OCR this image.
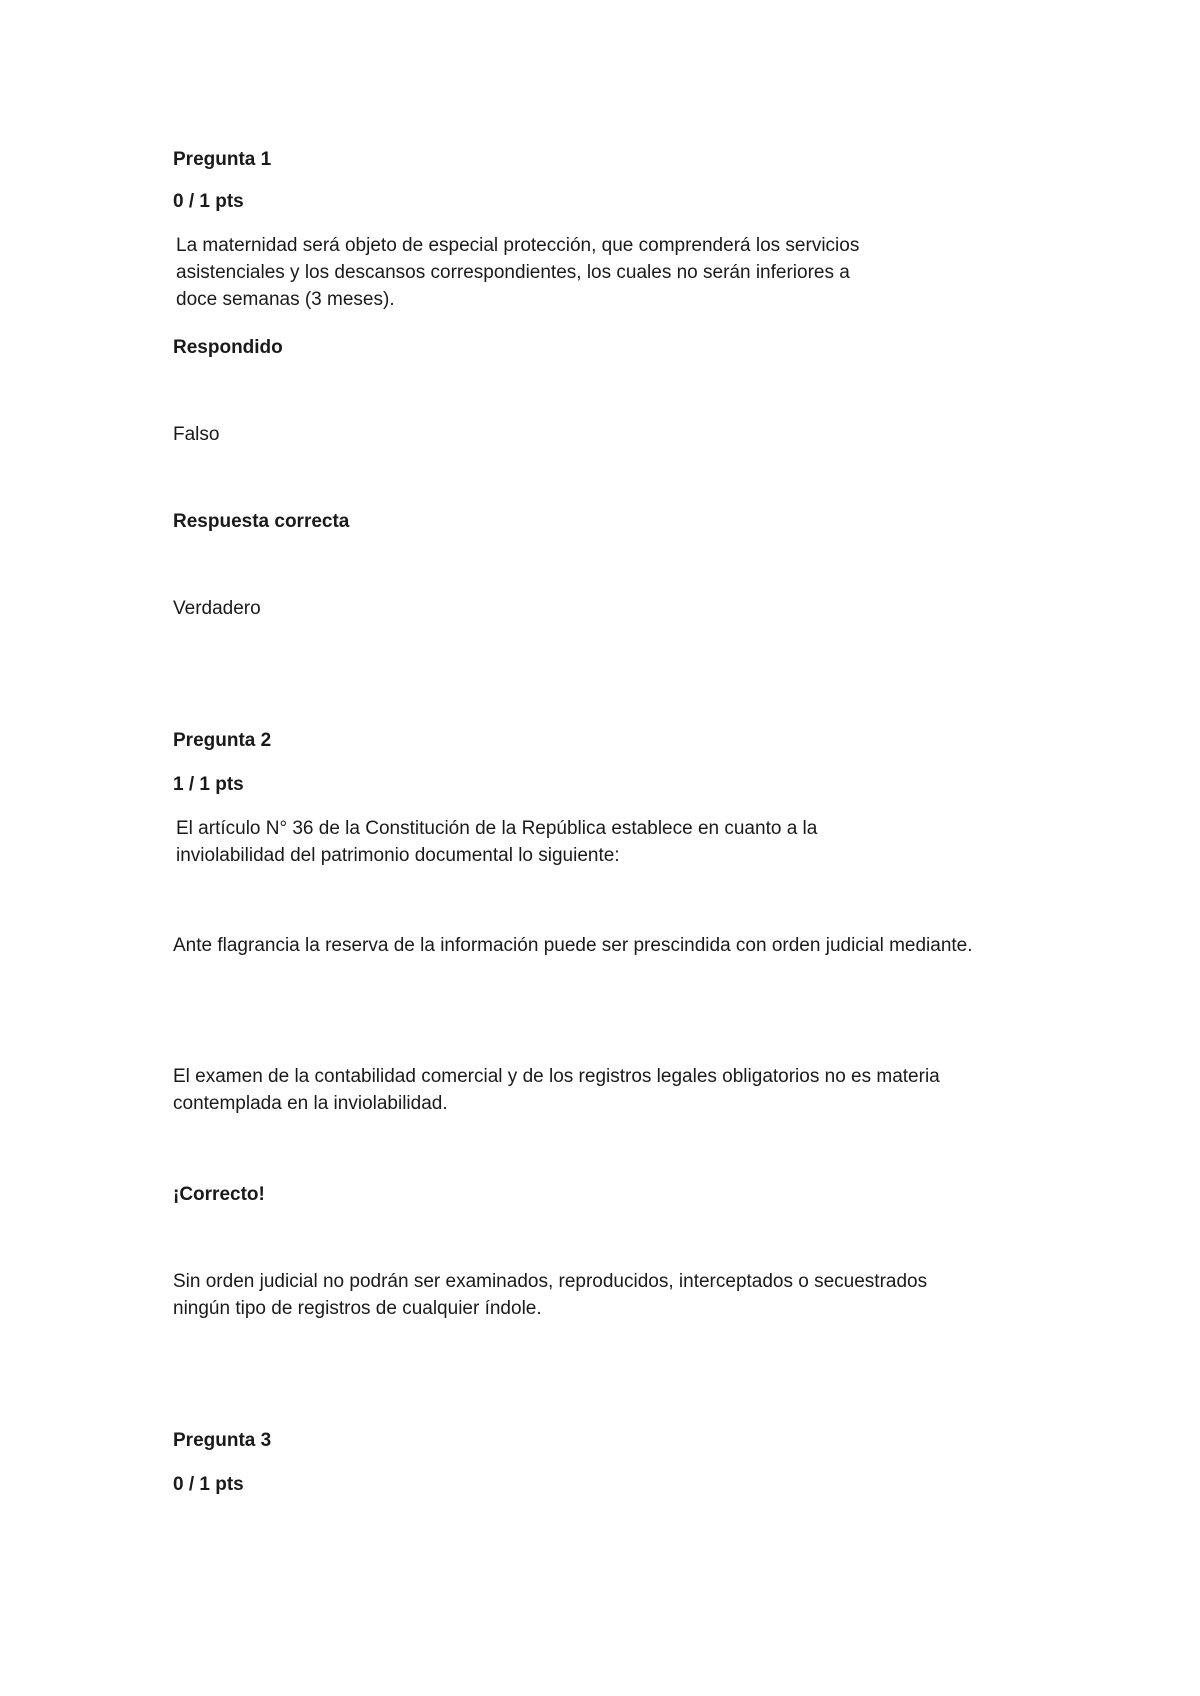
Pregunta 1

0 / 1 pts

La maternidad será objeto de especial protección, que comprenderá los servicios
asistenciales y los descansos correspondientes, los cuales no serán inferiores a
doce semanas (3 meses).

Respondido

Falso

Respuesta correcta

Verdadero

Pregunta 2

1 / 1 pts

El artículo N° 36 de la Constitución de la República establece en cuanto a la
inviolabilidad del patrimonio documental lo siguiente:

Ante flagrancia la reserva de la información puede ser prescindida con orden judicial mediante.

El examen de la contabilidad comercial y de los registros legales obligatorios no es materia
contemplada en la inviolabilidad.

¡Correcto!

Sin orden judicial no podrán ser examinados, reproducidos, interceptados o secuestrados
ningún tipo de registros de cualquier índole.

Pregunta 3

0 / 1 pts
